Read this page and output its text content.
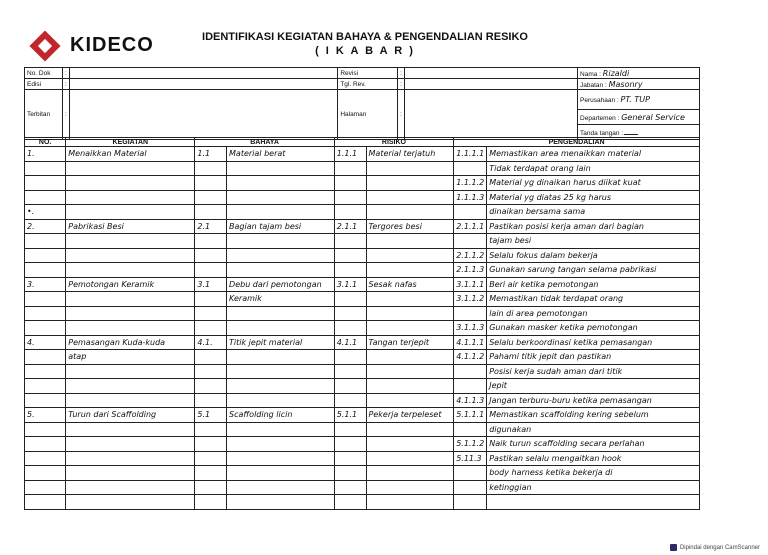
KIDECO	IDENTIFIKASI KEGIATAN BAHAYA & PENGENDALIAN RESIKO
( I K A B A R )
No. Dok	:		Revisi	:		Nama : Rizaldi
Edisi	:		Tgl. Rev.	:		Jabatan : Masonry
Terbitan	:		Halaman	:		Perusahaan : PT. TUP
						Departemen : General Service
						Tanda tangan :
NO.	KEGIATAN	BAHAYA		RISIKO		PENGENDALIAN	
1.	Menaikkan Material	1.1	Material berat	1.1.1	Material terjatuh	1.1.1.1	Memastikan area menaikkan material
							Tidak terdapat orang lain
						1.1.1.2	Material yg dinaikan harus diikat kuat
						1.1.1.3	Material yg diatas 25 kg harus
•.							dinaikan bersama sama
2.	Pabrikasi Besi	2.1	Bagian tajam besi	2.1.1	Tergores besi	2.1.1.1	Pastikan posisi kerja aman dari bagian
							tajam besi
						2.1.1.2	Selalu fokus dalam bekerja
						2.1.1.3	Gunakan sarung tangan selama pabrikasi
3.	Pemotongan Keramik	3.1	Debu dari pemotongan	3.1.1	Sesak nafas	3.1.1.1	Beri air ketika pemotongan
			Keramik			3.1.1.2	Memastikan tidak terdapat orang
							lain di area pemotongan
						3.1.1.3	Gunakan masker ketika pemotongan
4.	Pemasangan Kuda-kuda	4.1.	Titik jepit material	4.1.1	Tangan terjepit	4.1.1.1	Selalu berkoordinasi ketika pemasangan
	atap					4.1.1.2	Pahami titik jepit dan pastikan
							Posisi kerja sudah aman dari titik
							Jepit
						4.1.1.3	Jangan terburu-buru ketika pemasangan
5.	Turun dari Scaffolding	5.1	Scaffolding licin	5.1.1	Pekerja terpeleset	5.1.1.1	Memastikan scaffolding kering sebelum
							digunakan
						5.1.1.2	Naik turun scaffolding secara perlahan
						5.11.3	Pastikan selalu mengaitkan hook
							body harness ketika bekerja di
							ketinggian

Dipindai dengan CamScanner
